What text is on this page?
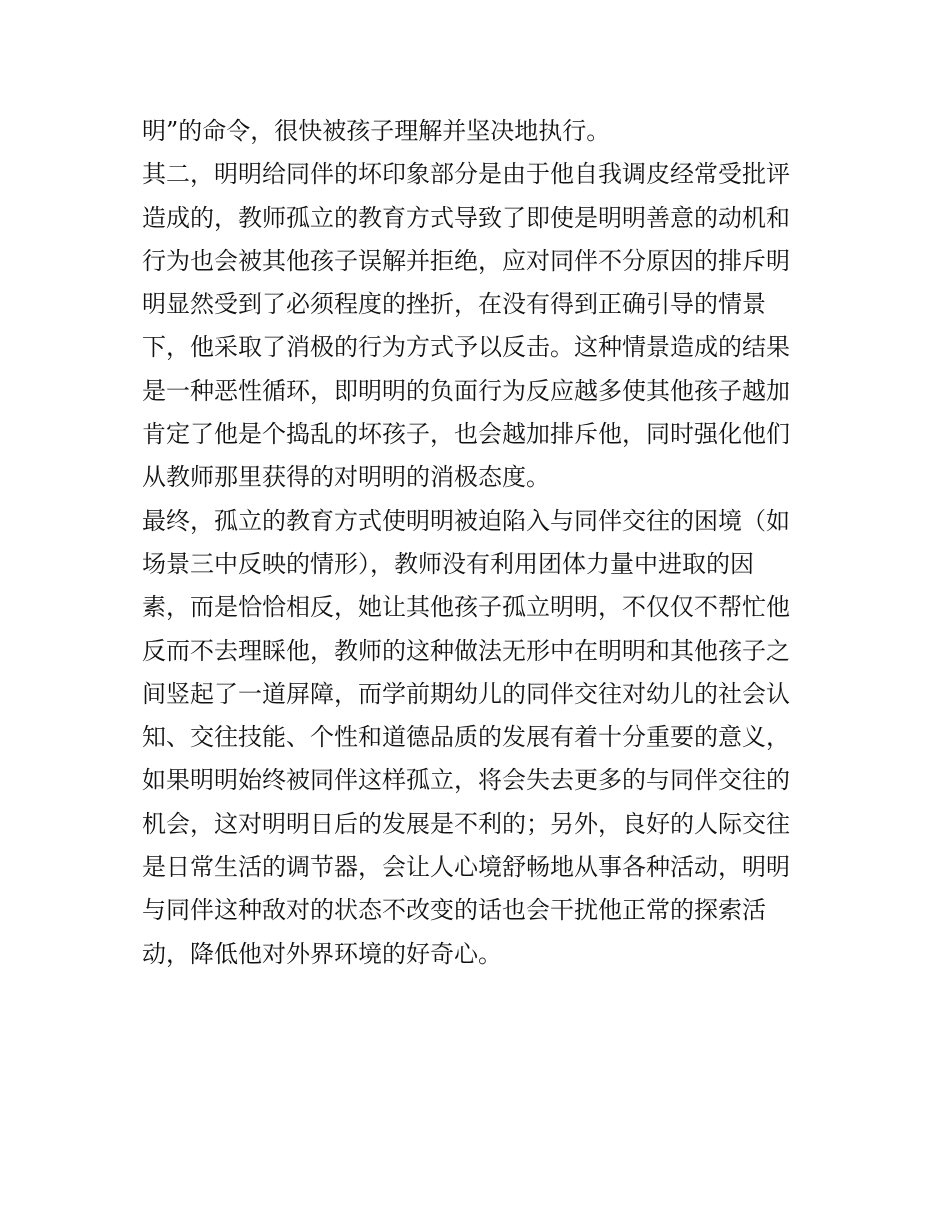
明”的命令，很快被孩子理解并坚决地执行。
其二，明明给同伴的坏印象部分是由于他自我调皮经常受批评
造成的，教师孤立的教育方式导致了即使是明明善意的动机和
行为也会被其他孩子误解并拒绝，应对同伴不分原因的排斥明
明显然受到了必须程度的挫折，在没有得到正确引导的情景
下，他采取了消极的行为方式予以反击。这种情景造成的结果
是一种恶性循环，即明明的负面行为反应越多使其他孩子越加
肯定了他是个捣乱的坏孩子，也会越加排斥他，同时强化他们
从教师那里获得的对明明的消极态度。
最终，孤立的教育方式使明明被迫陷入与同伴交往的困境（如
场景三中反映的情形），教师没有利用团体力量中进取的因
素，而是恰恰相反，她让其他孩子孤立明明，不仅仅不帮忙他
反而不去理睬他，教师的这种做法无形中在明明和其他孩子之
间竖起了一道屏障，而学前期幼儿的同伴交往对幼儿的社会认
知、交往技能、个性和道德品质的发展有着十分重要的意义，
如果明明始终被同伴这样孤立，将会失去更多的与同伴交往的
机会，这对明明日后的发展是不利的；另外，良好的人际交往
是日常生活的调节器，会让人心境舒畅地从事各种活动，明明
与同伴这种敌对的状态不改变的话也会干扰他正常的探索活
动，降低他对外界环境的好奇心。
